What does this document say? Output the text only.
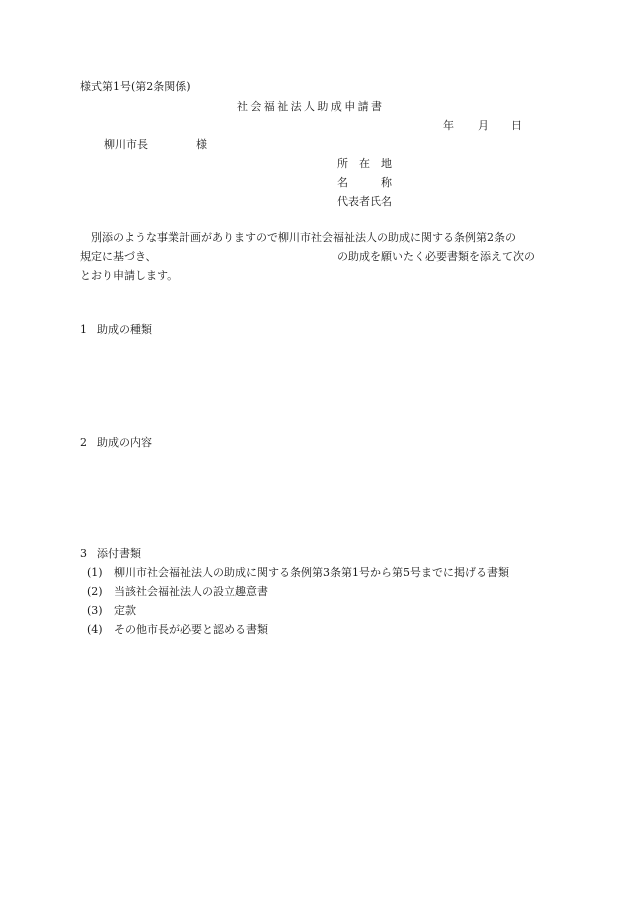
様式第1号(第2条関係)
社会福祉法人助成申請書
年 月 日
柳川市長	様
所 在 地
名	称
代表者氏名
別添のような事業計画がありますので柳川市社会福祉法人の助成に関する条例第2条の
規定に基づき、	の助成を願いたく必要書類を添えて次の
とおり申請します。
1 助成の種類
2 助成の内容
3 添付書類
(1) 柳川市社会福祉法人の助成に関する条例第3条第1号から第5号までに掲げる書類
(2) 当該社会福祉法人の設立趣意書
(3) 定款
(4) その他市長が必要と認める書類
